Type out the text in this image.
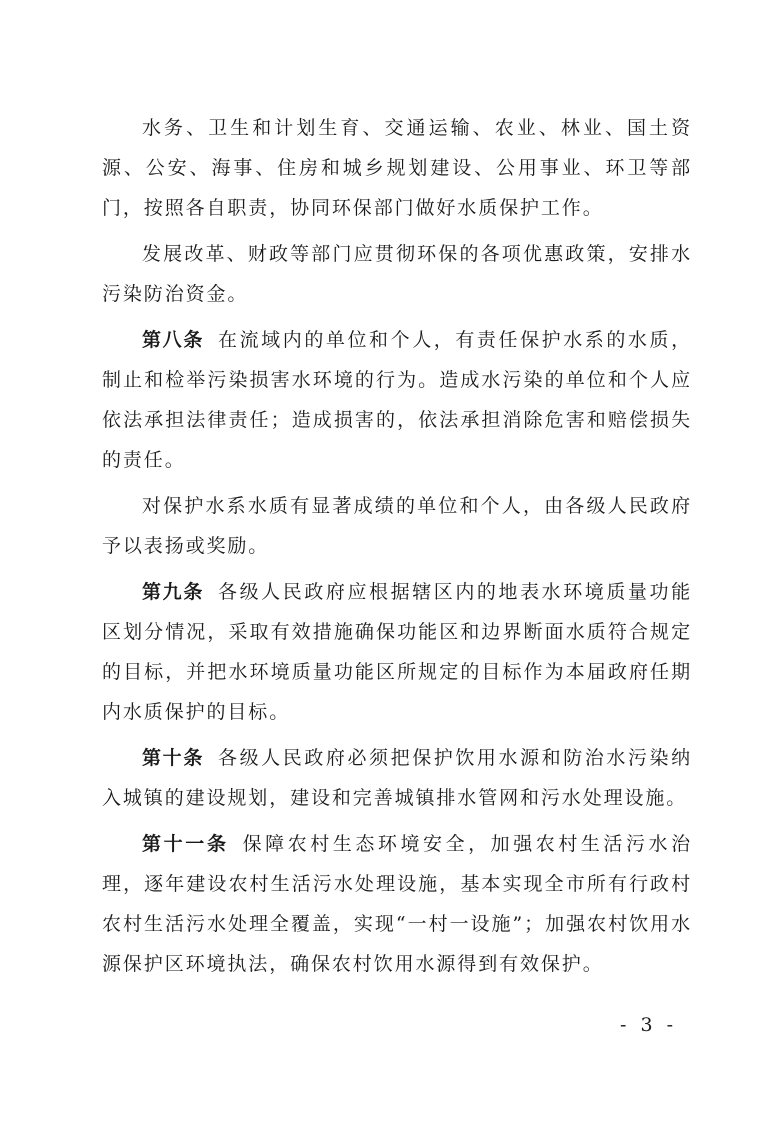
水务、卫生和计划生育、交通运输、农业、林业、国土资源、公安、海事、住房和城乡规划建设、公用事业、环卫等部门，按照各自职责，协同环保部门做好水质保护工作。

发展改革、财政等部门应贯彻环保的各项优惠政策，安排水污染防治资金。

第八条 在流域内的单位和个人，有责任保护水系的水质，制止和检举污染损害水环境的行为。造成水污染的单位和个人应依法承担法律责任；造成损害的，依法承担消除危害和赔偿损失的责任。

对保护水系水质有显著成绩的单位和个人，由各级人民政府予以表扬或奖励。

第九条 各级人民政府应根据辖区内的地表水环境质量功能区划分情况，采取有效措施确保功能区和边界断面水质符合规定的目标，并把水环境质量功能区所规定的目标作为本届政府任期内水质保护的目标。

第十条 各级人民政府必须把保护饮用水源和防治水污染纳入城镇的建设规划，建设和完善城镇排水管网和污水处理设施。

第十一条 保障农村生态环境安全，加强农村生活污水治理，逐年建设农村生活污水处理设施，基本实现全市所有行政村农村生活污水处理全覆盖，实现“一村一设施”；加强农村饮用水源保护区环境执法，确保农村饮用水源得到有效保护。

- 3 -
